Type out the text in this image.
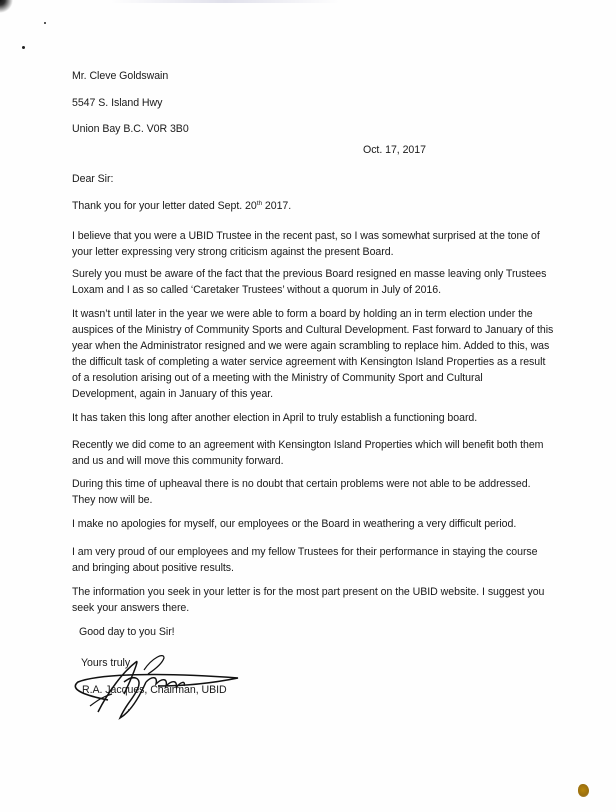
Mr. Cleve Goldswain
5547 S. Island Hwy
Union Bay B.C. V0R 3B0
Oct. 17, 2017
Dear Sir:
Thank you for your letter dated Sept. 20th 2017.
I believe that you were a UBID Trustee in the recent past, so I was somewhat surprised at the tone of
your letter expressing very strong criticism against the present Board.
Surely you must be aware of the fact that the previous Board resigned en masse leaving only Trustees
Loxam and I as so called ‘Caretaker Trustees’ without a quorum in July of 2016.
It wasn’t until later in the year we were able to form a board by holding an in term election under the
auspices of the Ministry of Community Sports and Cultural Development. Fast forward to January of this
year when the Administrator resigned and we were again scrambling to replace him. Added to this, was
the difficult task of completing a water service agreement with Kensington Island Properties as a result
of a resolution arising out of a meeting with the Ministry of Community Sport and Cultural
Development, again in January of this year.
It has taken this long after another election in April to truly establish a functioning board.
Recently we did come to an agreement with Kensington Island Properties which will benefit both them
and us and will move this community forward.
During this time of upheaval there is no doubt that certain problems were not able to be addressed.
They now will be.
I make no apologies for myself, our employees or the Board in weathering a very difficult period.
I am very proud of our employees and my fellow Trustees for their performance in staying the course
and bringing about positive results.
The information you seek in your letter is for the most part present on the UBID website. I suggest you
seek your answers there.
Good day to you Sir!
Yours truly
R.A. Jacques, Chairman, UBID
